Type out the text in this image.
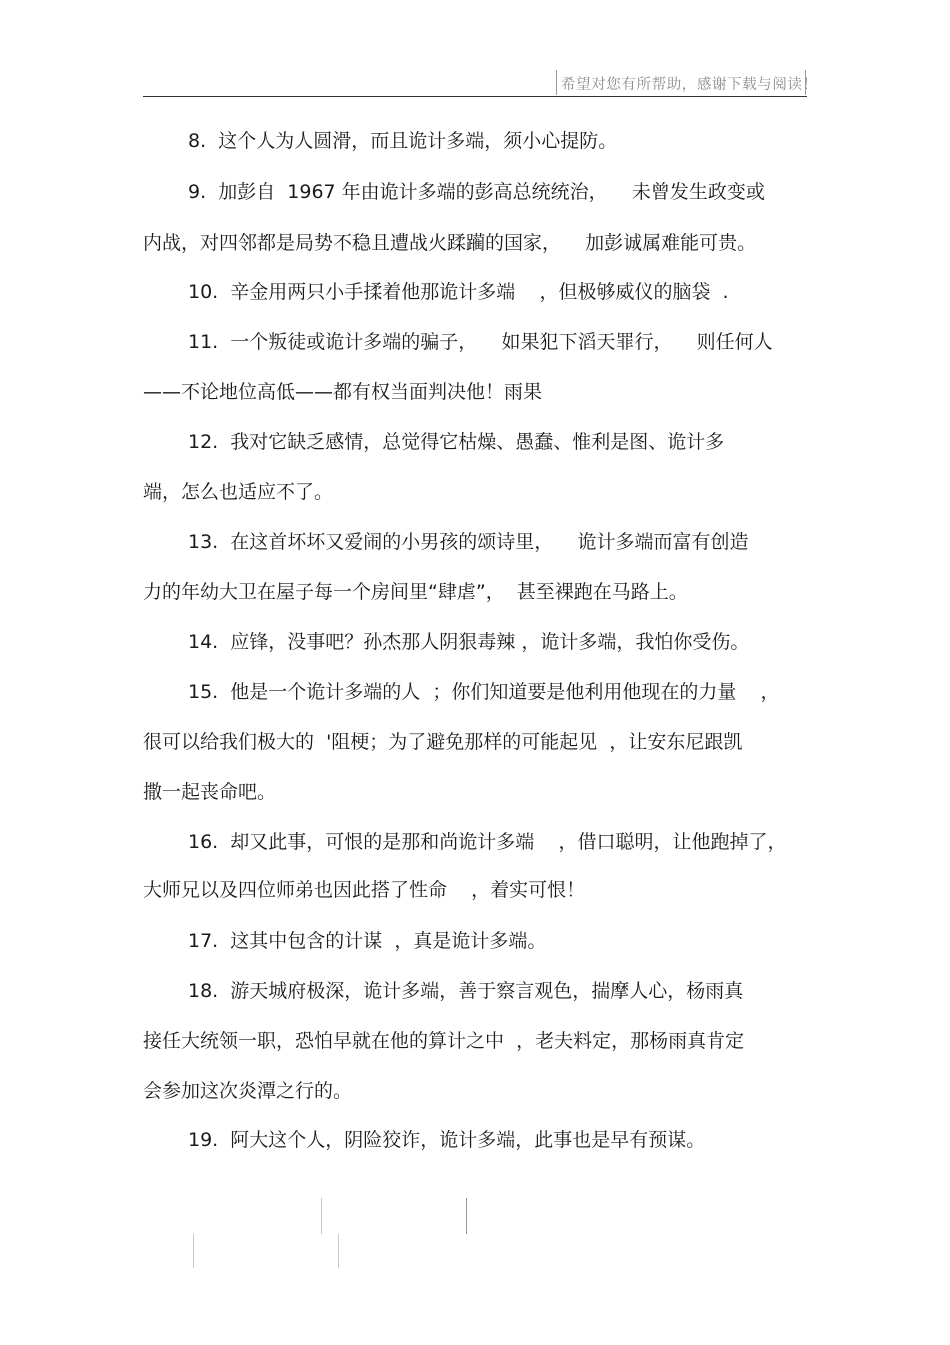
希望对您有所帮助，感谢下载与阅读！
8.  这个人为人圆滑，而且诡计多端，须小心提防。
9.  加彭自  1967 年由诡计多端的彭高总统统治，    未曾发生政变或
内战，对四邻都是局势不稳且遭战火蹂躏的国家，    加彭诚属难能可贵。
10.  辛金用两只小手揉着他那诡计多端    ，但极够威仪的脑袋  .
11.  一个叛徒或诡计多端的骗子，    如果犯下滔天罪行，    则任何人
——不论地位高低——都有权当面判决他！雨果
12.  我对它缺乏感情，总觉得它枯燥、愚蠢、惟利是图、诡计多
端，怎么也适应不了。
13.  在这首坏坏又爱闹的小男孩的颂诗里，    诡计多端而富有创造
力的年幼大卫在屋子每一个房间里“肆虐”，  甚至裸跑在马路上。
14.  应锋，没事吧？孙杰那人阴狠毒辣 ，诡计多端，我怕你受伤。
15.  他是一个诡计多端的人  ；你们知道要是他利用他现在的力量    ，
很可以给我们极大的  '阻梗；为了避免那样的可能起见  ，让安东尼跟凯
撒一起丧命吧。
16.  却又此事，可恨的是那和尚诡计多端    ，借口聪明，让他跑掉了，
大师兄以及四位师弟也因此搭了性命    ，着实可恨！
17.  这其中包含的计谋  ，真是诡计多端。
18.  游天城府极深，诡计多端，善于察言观色，揣摩人心，杨雨真
接任大统领一职，恐怕早就在他的算计之中  ，老夫料定，那杨雨真肯定
会参加这次炎潭之行的。
19.  阿大这个人，阴险狡诈，诡计多端，此事也是早有预谋。
